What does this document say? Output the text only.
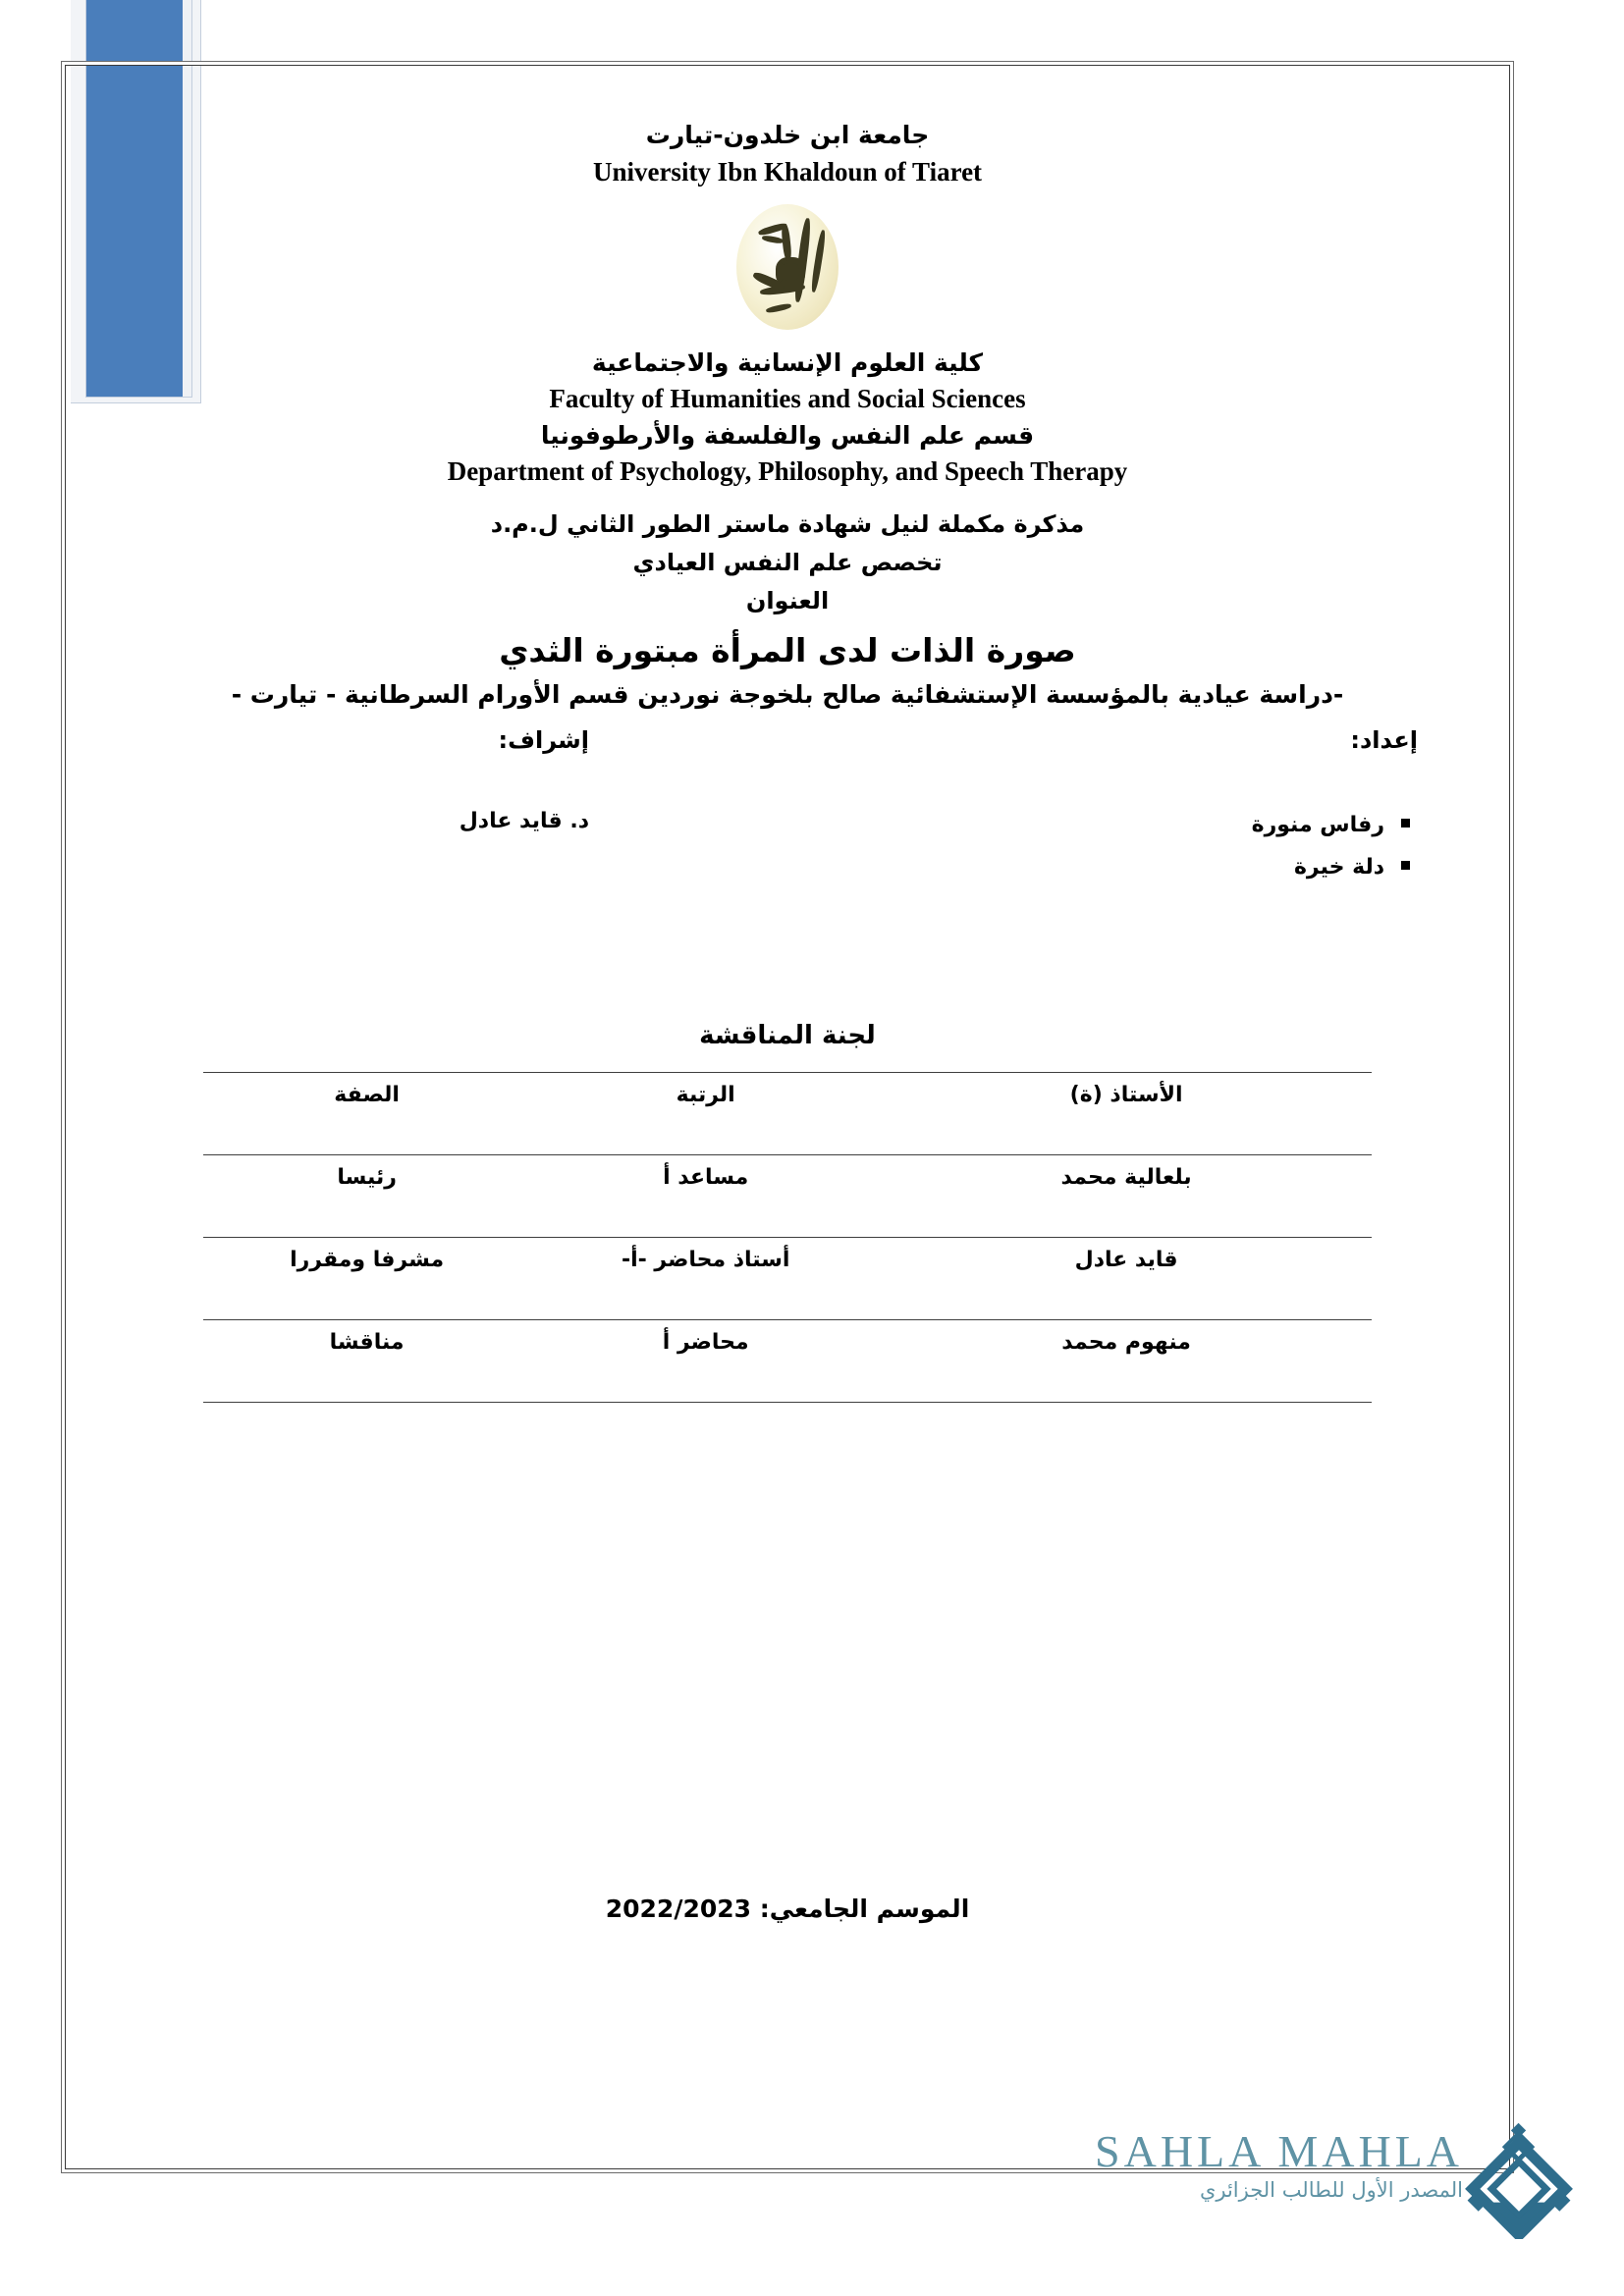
جامعة ابن خلدون-تيارت
University Ibn Khaldoun of Tiaret
كلية العلوم الإنسانية والاجتماعية
Faculty of Humanities and Social Sciences
قسم علم النفس والفلسفة والأرطوفونيا
Department of Psychology, Philosophy, and Speech Therapy
مذكرة مكملة لنيل شهادة ماستر الطور الثاني ل.م.د
تخصص علم النفس العيادي
العنوان
صورة الذات لدى المرأة مبتورة الثدي
-دراسة عيادية بالمؤسسة الإستشفائية صالح بلخوجة نوردين قسم الأورام السرطانية - تيارت -
إشراف:
د. قايد عادل
إعداد:
رفاس منورة
دلة خيرة
لجنة المناقشة
الأستاذ (ة)	الرتبة	الصفة
بلعالية محمد	مساعد أ	رئيسا
قايد عادل	أستاذ محاضر -أ-	مشرفا ومقررا
منهوم محمد	محاضر أ	مناقشا
الموسم الجامعي: 2022/2023
SAHLA MAHLA
المصدر الأول للطالب الجزائري
